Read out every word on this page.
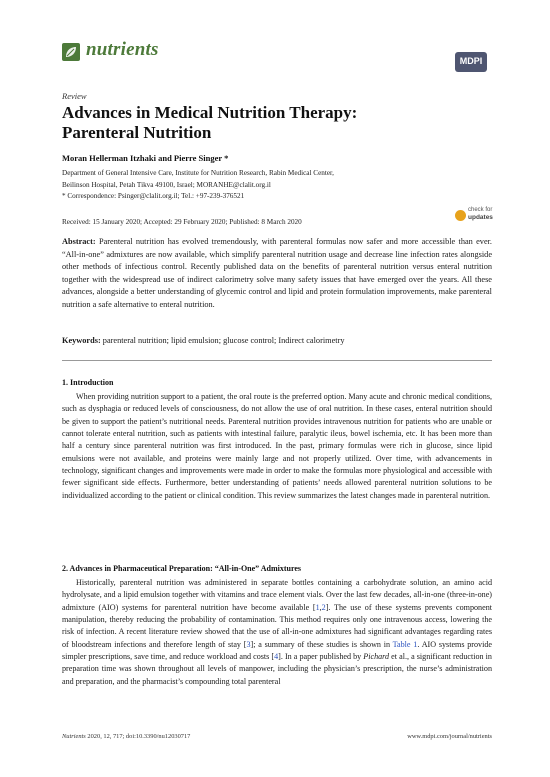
nutrients
MDPI
Review
Advances in Medical Nutrition Therapy: Parenteral Nutrition
Moran Hellerman Itzhaki and Pierre Singer *
Department of General Intensive Care, Institute for Nutrition Research, Rabin Medical Center,
Beilinson Hospital, Petah Tikva 49100, Israel; MORANHE@clalit.org.il
* Correspondence: Psinger@clalit.org.il; Tel.: +97-239-376521
Received: 15 January 2020; Accepted: 29 February 2020; Published: 8 March 2020
check for
updates
Abstract: Parenteral nutrition has evolved tremendously, with parenteral formulas now safer and more accessible than ever. “All-in-one” admixtures are now available, which simplify parenteral nutrition usage and decrease line infection rates alongside other methods of infectious control. Recently published data on the benefits of parenteral nutrition versus enteral nutrition together with the widespread use of indirect calorimetry solve many safety issues that have emerged over the years. All these advances, alongside a better understanding of glycemic control and lipid and protein formulation improvements, make parenteral nutrition a safe alternative to enteral nutrition.
Keywords: parenteral nutrition; lipid emulsion; glucose control; Indirect calorimetry
1. Introduction
When providing nutrition support to a patient, the oral route is the preferred option. Many acute and chronic medical conditions, such as dysphagia or reduced levels of consciousness, do not allow the use of oral nutrition. In these cases, enteral nutrition should be given to support the patient’s nutritional needs. Parenteral nutrition provides intravenous nutrition for patients who are unable or cannot tolerate enteral nutrition, such as patients with intestinal failure, paralytic ileus, bowel ischemia, etc. It has been more than half a century since parenteral nutrition was first introduced. In the past, primary formulas were rich in glucose, since lipid emulsions were not available, and proteins were mainly large and not properly utilized. Over time, with advancements in technology, significant changes and improvements were made in order to make the formulas more physiological and accessible with fewer significant side effects. Furthermore, better understanding of patients’ needs allowed parenteral nutrition solutions to be individualized according to the patient or clinical condition. This review summarizes the latest changes made in parenteral nutrition.
2. Advances in Pharmaceutical Preparation: “All-in-One” Admixtures
Historically, parenteral nutrition was administered in separate bottles containing a carbohydrate solution, an amino acid hydrolysate, and a lipid emulsion together with vitamins and trace element vials. Over the last few decades, all-in-one (three-in-one) admixture (AIO) systems for parenteral nutrition have become available [1,2]. The use of these systems prevents component manipulation, thereby reducing the probability of contamination. This method requires only one intravenous access, lowering the risk of infection. A recent literature review showed that the use of all-in-one admixtures had significant advantages regarding rates of bloodstream infections and therefore length of stay [3]; a summary of these studies is shown in Table 1. AIO systems provide simpler prescriptions, save time, and reduce workload and costs [4]. In a paper published by Pichard et al., a significant reduction in preparation time was shown throughout all levels of manpower, including the physician’s prescription, the nurse’s administration and preparation, and the pharmacist’s compounding total parenteral
Nutrients 2020, 12, 717; doi:10.3390/nu12030717	www.mdpi.com/journal/nutrients
